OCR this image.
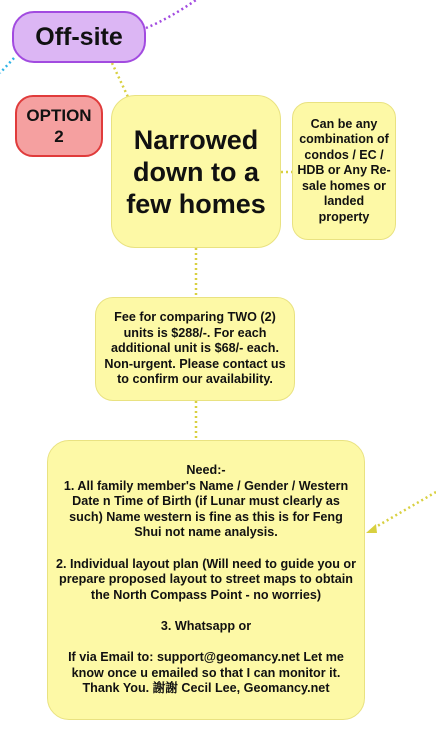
Off-site
OPTION
2	Narrowed down to a few homes
Can be any combination of condos / EC / HDB or Any Re-sale homes or landed property
Fee for comparing TWO (2) units is $288/-. For each additional unit is $68/- each. Non-urgent. Please contact us to confirm our availability.
Need:-
1. All family member's Name / Gender / Western Date n Time of Birth (if Lunar must clearly as such) Name western is fine as this is for Feng Shui not name analysis.

2. Individual layout plan (Will need to guide you or prepare proposed layout to street maps to obtain the North Compass Point - no worries)

3. Whatsapp or

If via Email to: support@geomancy.net Let me know once u emailed so that I can monitor it. Thank You. 謝謝 Cecil Lee, Geomancy.net
